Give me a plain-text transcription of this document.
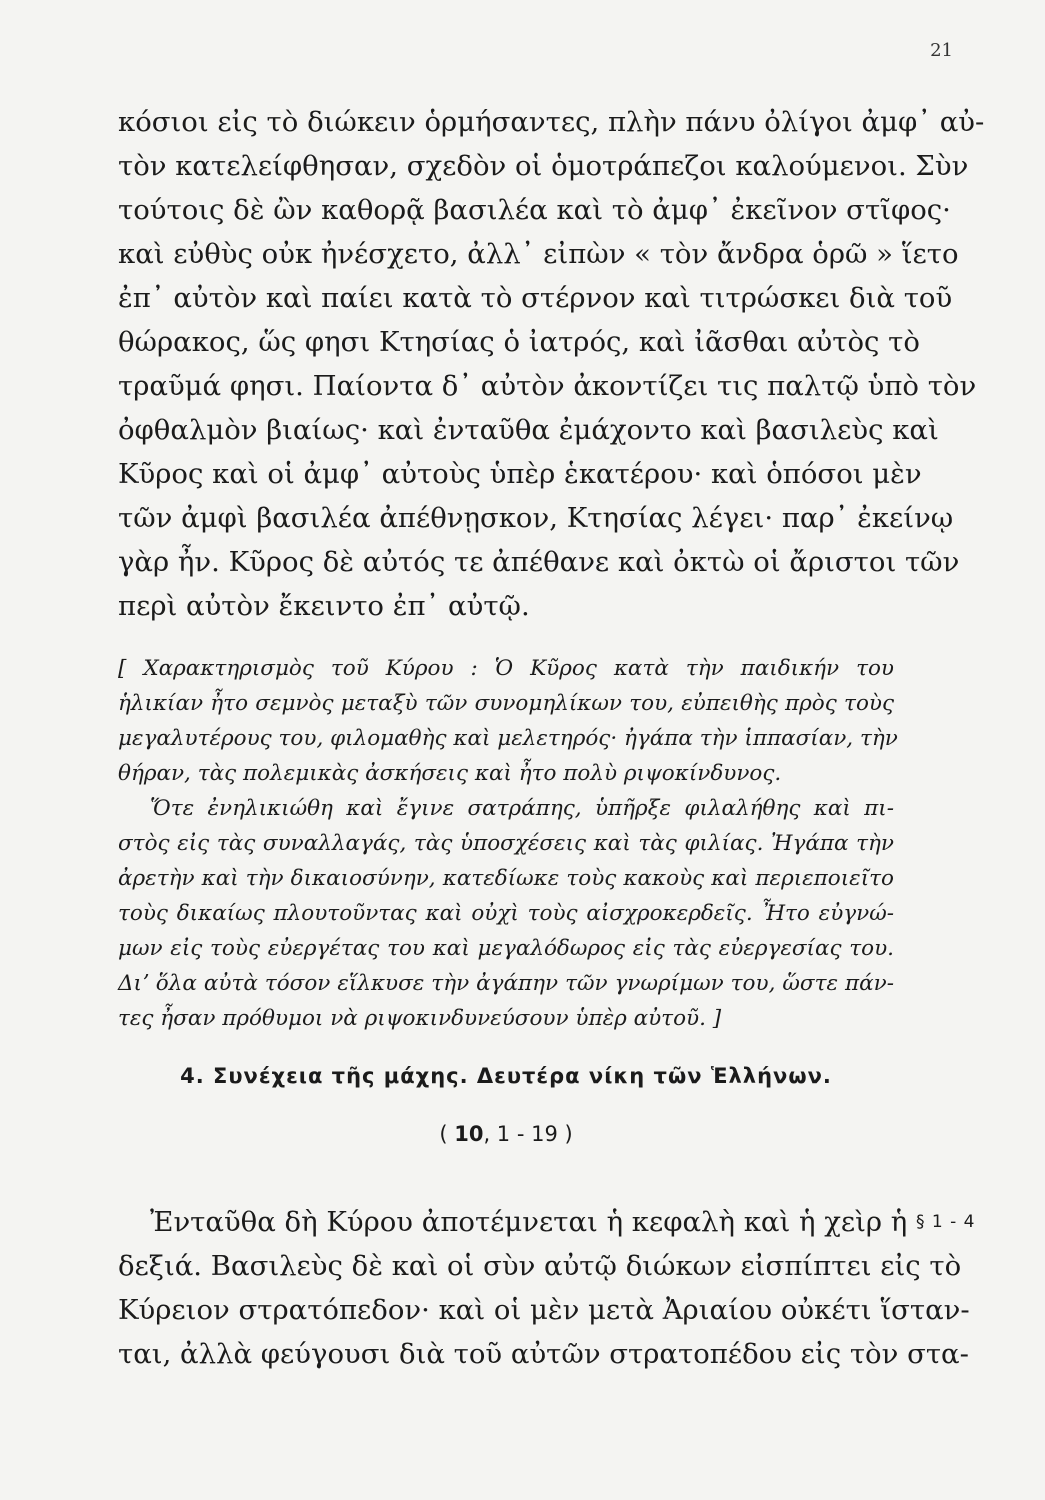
21
κόσιοι εἰς τὸ διώκειν ὁρμήσαντες, πλὴν πάνυ ὀλίγοι ἀμφ᾽ αὐ-
τὸν κατελείφθησαν, σχεδὸν οἱ ὁμοτράπεζοι καλούμενοι. Σὺν
τούτοις δὲ ὢν καθορᾷ βασιλέα καὶ τὸ ἀμφ᾽ ἐκεῖνον στῖφος·
καὶ εὐθὺς οὐκ ἠνέσχετο, ἀλλ᾽ εἰπὼν « τὸν ἄνδρα ὁρῶ » ἵετο
ἐπ᾽ αὐτὸν καὶ παίει κατὰ τὸ στέρνον καὶ τιτρώσκει διὰ τοῦ
θώρακος, ὥς φησι Κτησίας ὁ ἰατρός, καὶ ἰᾶσθαι αὐτὸς τὸ
τραῦμά φησι. Παίοντα δ᾽ αὐτὸν ἀκοντίζει τις παλτῷ ὑπὸ τὸν
ὀφθαλμὸν βιαίως· καὶ ἐνταῦθα ἐμάχοντο καὶ βασιλεὺς καὶ
Κῦρος καὶ οἱ ἀμφ᾽ αὐτοὺς ὑπὲρ ἑκατέρου· καὶ ὁπόσοι μὲν
τῶν ἀμφὶ βασιλέα ἀπέθνῃσκον, Κτησίας λέγει· παρ᾽ ἐκείνῳ
γὰρ ἦν. Κῦρος δὲ αὐτός τε ἀπέθανε καὶ ὀκτὼ οἱ ἄριστοι τῶν
περὶ αὐτὸν ἔκειντο ἐπ᾽ αὐτῷ.
[ Χαρακτηρισμὸς τοῦ Κύρου : Ὁ Κῦρος κατὰ τὴν παιδικήν του
ἡλικίαν ἦτο σεμνὸς μεταξὺ τῶν συνομηλίκων του, εὐπειθὴς πρὸς τοὺς
μεγαλυτέρους του, φιλομαθὴς καὶ μελετηρός· ἠγάπα τὴν ἱππασίαν, τὴν
θήραν, τὰς πολεμικὰς ἀσκήσεις καὶ ἦτο πολὺ ριψοκίνδυνος.
Ὅτε ἐνηλικιώθη καὶ ἔγινε σατράπης, ὑπῆρξε φιλαλήθης καὶ πι-
στὸς εἰς τὰς συναλλαγάς, τὰς ὑποσχέσεις καὶ τὰς φιλίας. Ἠγάπα τὴν
ἀρετὴν καὶ τὴν δικαιοσύνην, κατεδίωκε τοὺς κακοὺς καὶ περιεποιεῖτο
τοὺς δικαίως πλουτοῦντας καὶ οὐχὶ τοὺς αἰσχροκερδεῖς. Ἦτο εὐγνώ-
μων εἰς τοὺς εὐεργέτας του καὶ μεγαλόδωρος εἰς τὰς εὐεργεσίας του.
Διʼ ὅλα αὐτὰ τόσον εἵλκυσε τὴν ἀγάπην τῶν γνωρίμων του, ὥστε πάν-
τες ἦσαν πρόθυμοι νὰ ριψοκινδυνεύσουν ὑπὲρ αὐτοῦ. ]
4. Συνέχεια τῆς μάχης. Δευτέρα νίκη τῶν Ἑλλήνων.
( 10, 1 - 19 )
Ἐνταῦθα δὴ Κύρου ἀποτέμνεται ἡ κεφαλὴ καὶ ἡ χεὶρ ἡ
δεξιά. Βασιλεὺς δὲ καὶ οἱ σὺν αὐτῷ διώκων εἰσπίπτει εἰς τὸ
Κύρειον στρατόπεδον· καὶ οἱ μὲν μετὰ Ἀριαίου οὐκέτι ἵσταν-
ται, ἀλλὰ φεύγουσι διὰ τοῦ αὐτῶν στρατοπέδου εἰς τὸν στα-
§ 1 - 4
